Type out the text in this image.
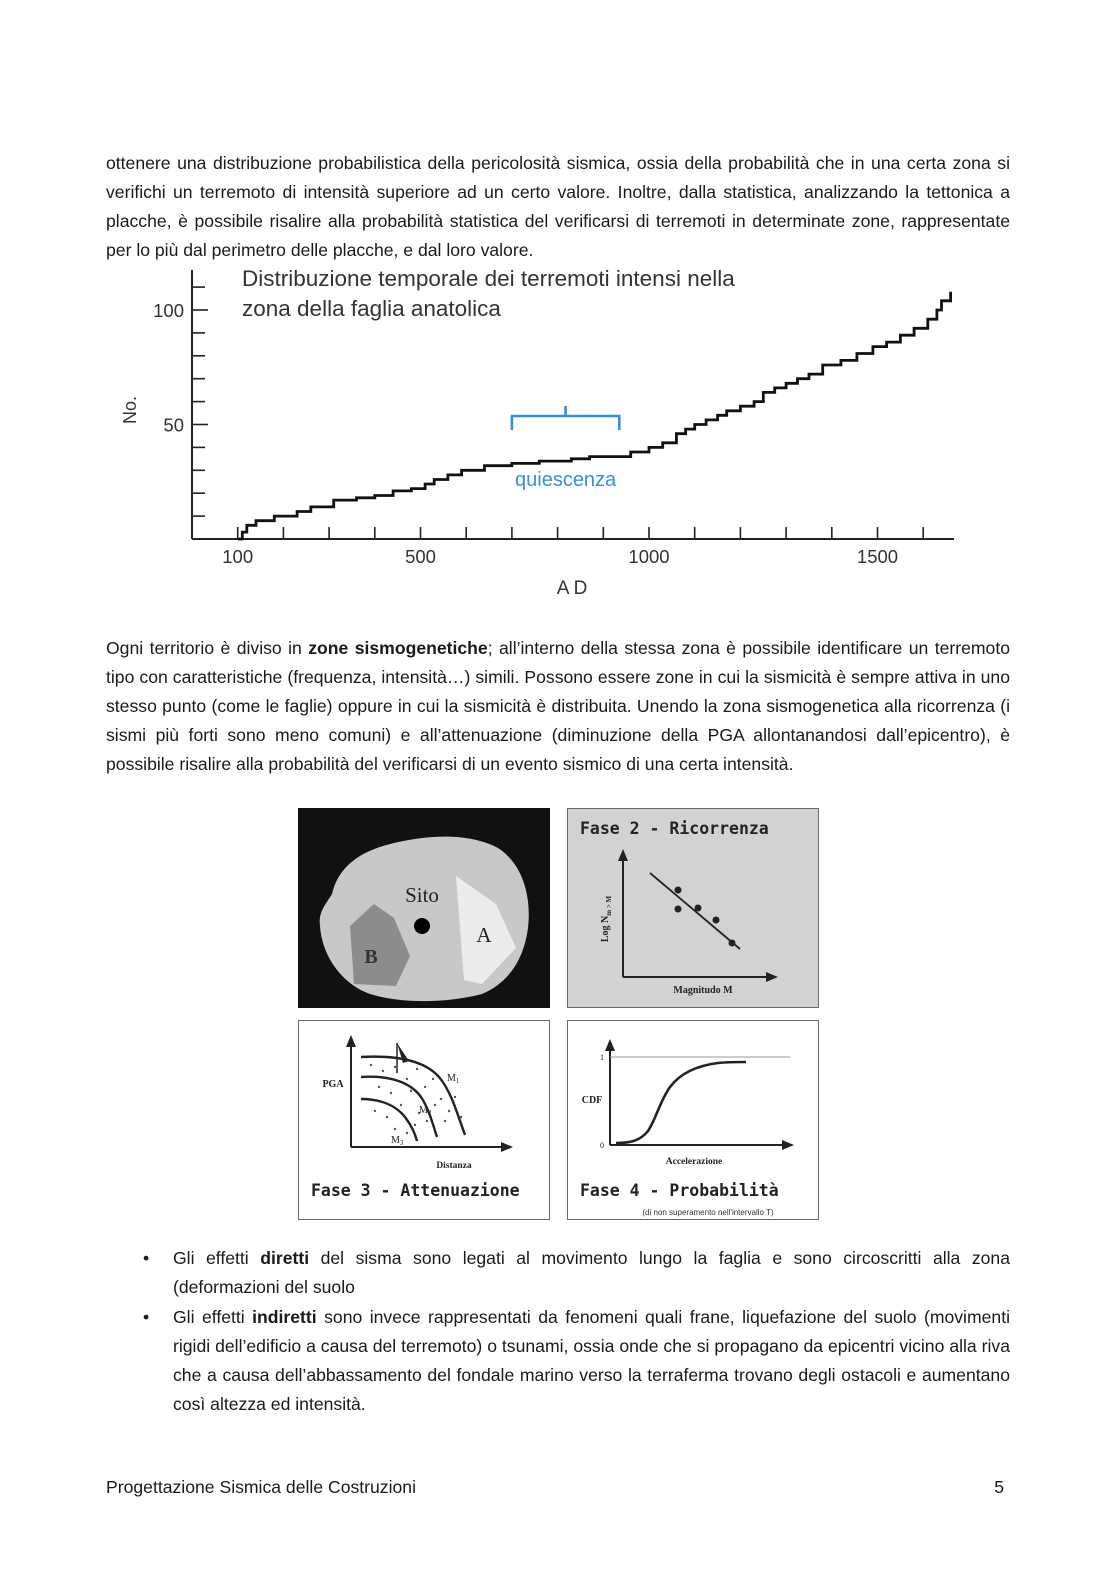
ottenere una distribuzione probabilistica della pericolosità sismica, ossia della probabilità che in una certa zona si verifichi un terremoto di intensità superiore ad un certo valore. Inoltre, dalla statistica, analizzando la tettonica a placche, è possibile risalire alla probabilità statistica del verificarsi di terremoti in determinate zone, rappresentate per lo più dal perimetro delle placche, e dal loro valore.

Distribuzione temporale dei terremoti intensi nella
zona della faglia anatolica
No.
A D
50
100
100	500	1000	1500
quiescenza

Ogni territorio è diviso in zone sismogenetiche; all’interno della stessa zona è possibile identificare un terremoto tipo con caratteristiche (frequenza, intensità…) simili. Possono essere zone in cui la sismicità è sempre attiva in uno stesso punto (come le faglie) oppure in cui la sismicità è distribuita. Unendo la zona sismogenetica alla ricorrenza (i sismi più forti sono meno comuni) e all’attenuazione (diminuzione della PGA allontanandosi dall’epicentro), è possibile risalire alla probabilità del verificarsi di un evento sismico di una certa intensità.

Sito
A
B
Log $N_{m > M}$
Magnitudo M
Fase 2 - Ricorrenza
$M_1$
$M_2$
$M_3$
PGA
Distanza
Fase 3 - Attenuazione
1
0
CDF
Accelerazione
(di non superamento nell'intervallo T)
Fase 4 - Probabilità
• Gli effetti diretti del sisma sono legati al movimento lungo la faglia e sono circoscritti alla zona (deformazioni del suolo
• Gli effetti indiretti sono invece rappresentati da fenomeni quali frane, liquefazione del suolo (movimenti rigidi dell’edificio a causa del terremoto) o tsunami, ossia onde che si propagano da epicentri vicino alla riva che a causa dell’abbassamento del fondale marino verso la terraferma trovano degli ostacoli e aumentano così altezza ed intensità.
Progettazione Sismica delle Costruzioni	5
